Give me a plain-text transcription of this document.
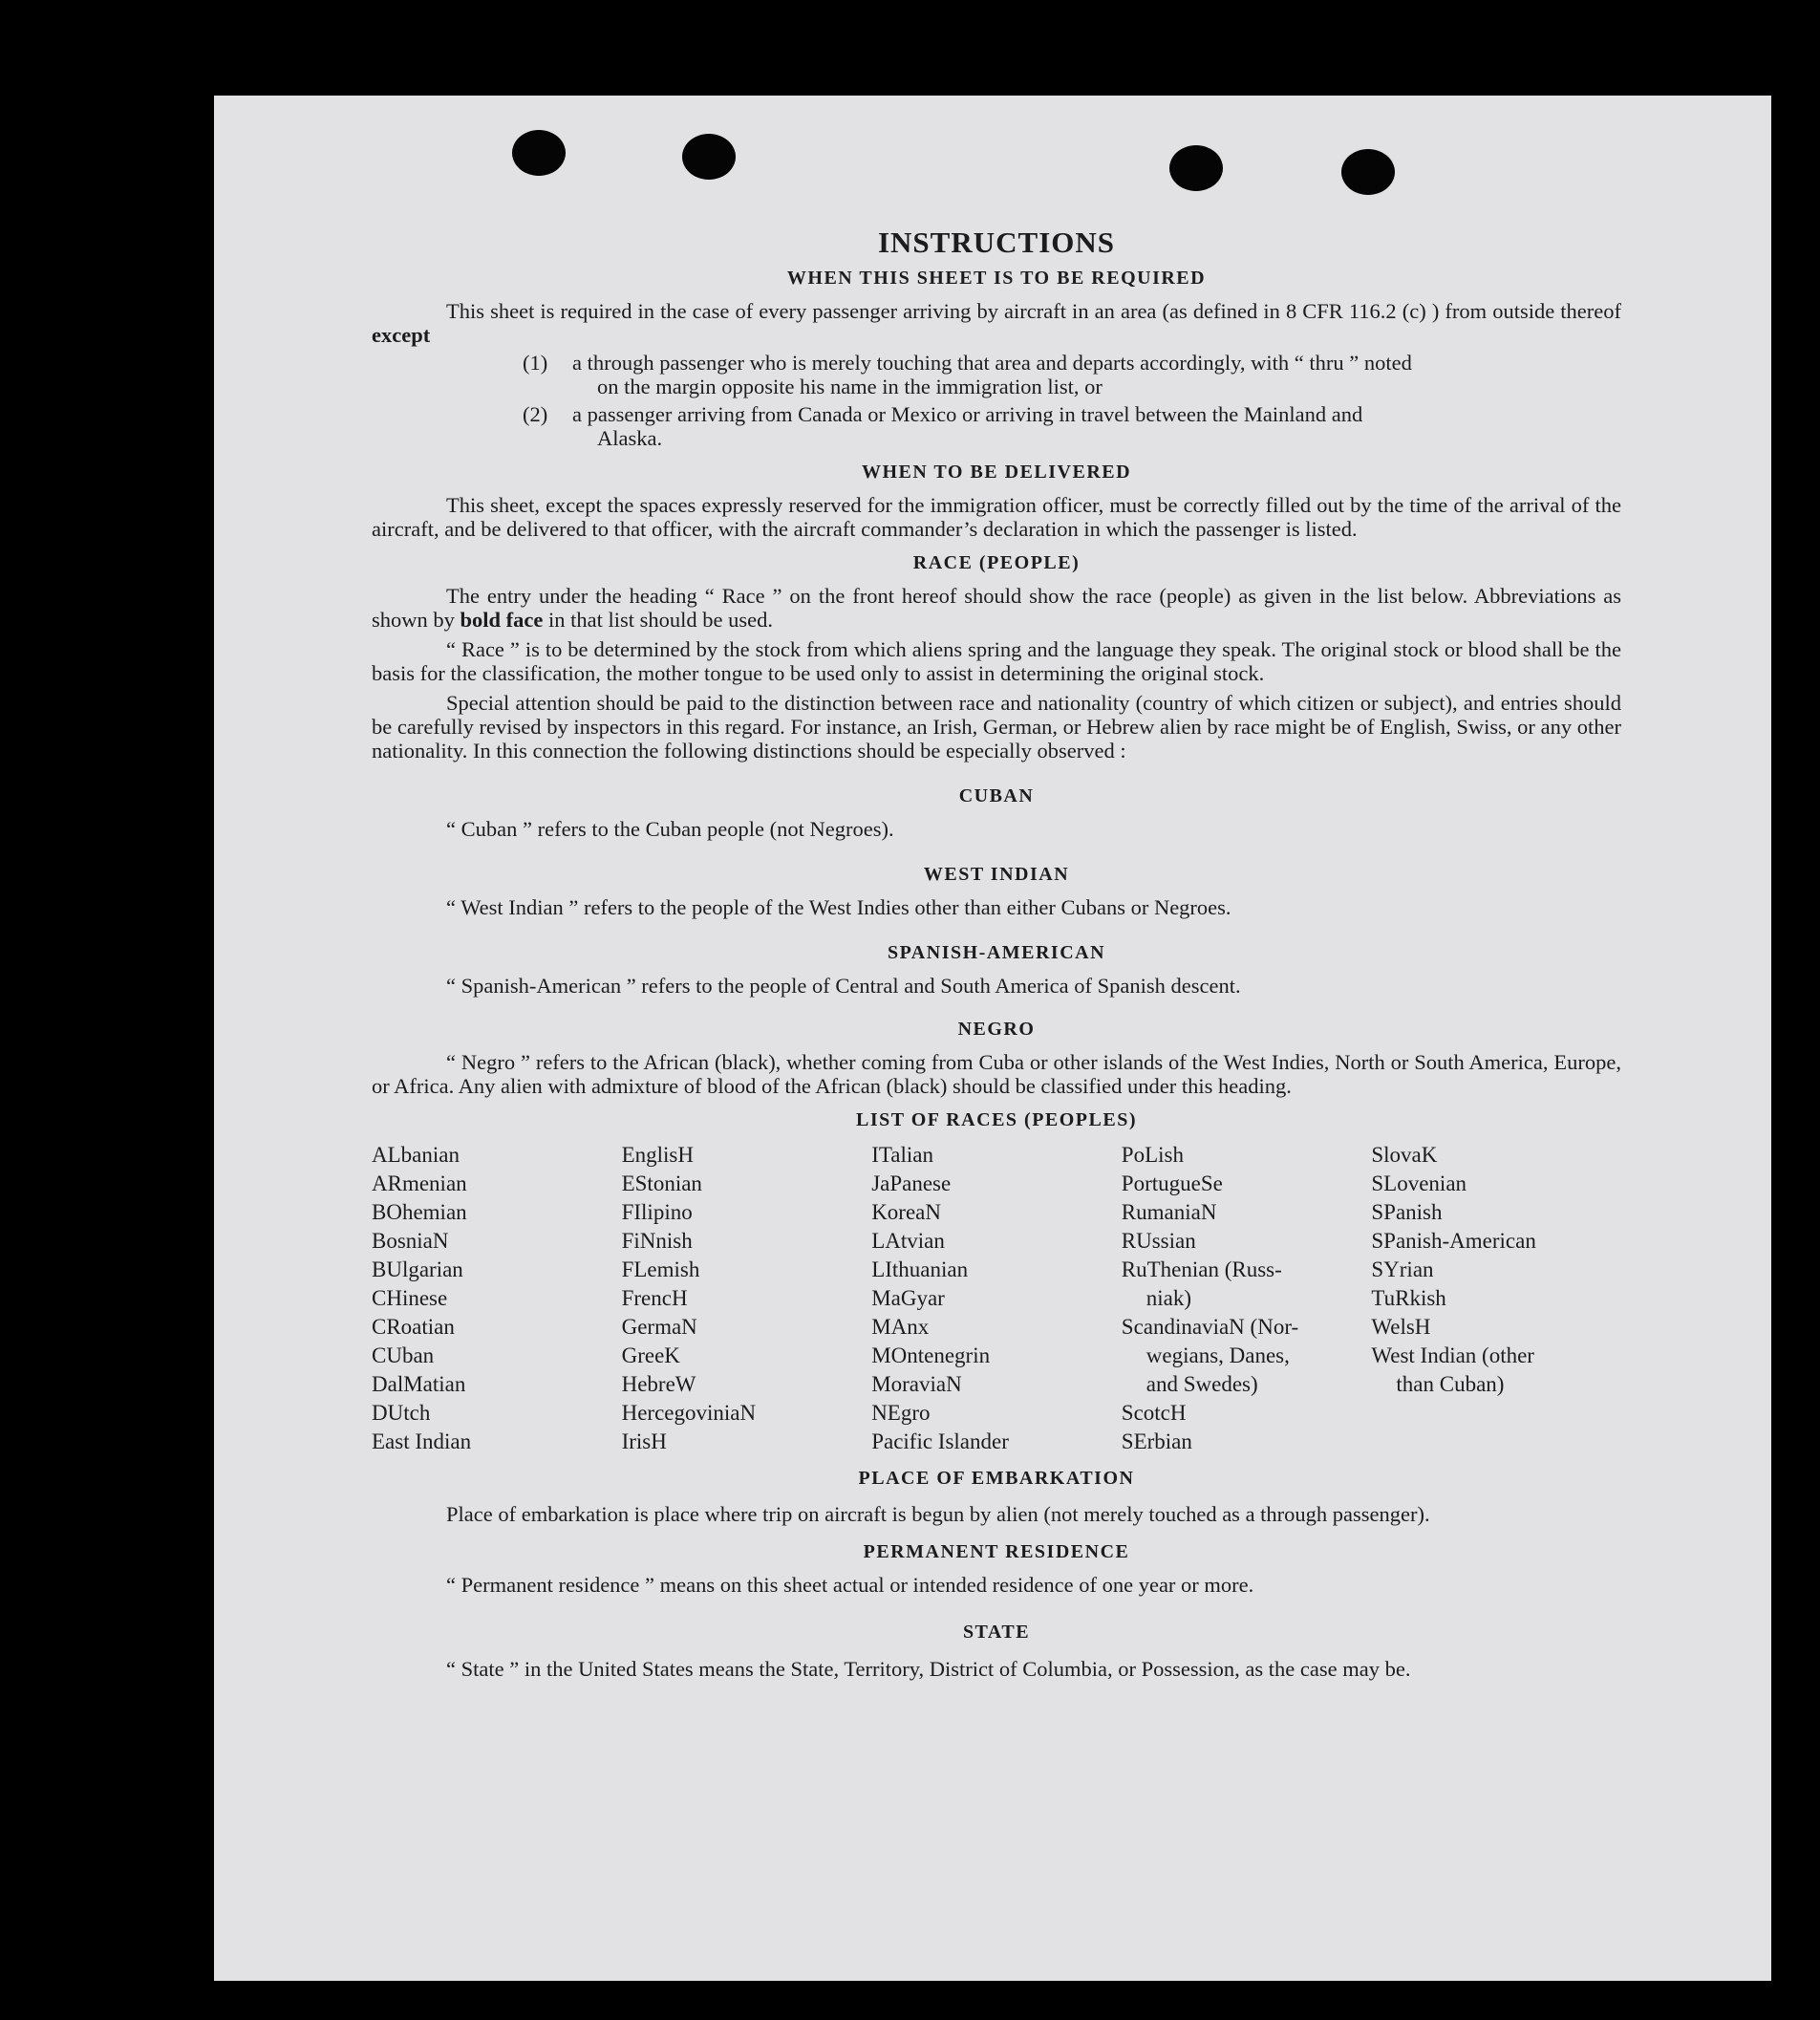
INSTRUCTIONS
WHEN THIS SHEET IS TO BE REQUIRED

This sheet is required in the case of every passenger arriving by aircraft in an area (as defined in 8 CFR 116.2 (c) ) from outside thereof except

(1)	a through passenger who is merely touching that area and departs accordingly, with “ thru ” noted
on the margin opposite his name in the immigration list, or
(2)	a passenger arriving from Canada or Mexico or arriving in travel between the Mainland and
Alaska.
WHEN TO BE DELIVERED

This sheet, except the spaces expressly reserved for the immigration officer, must be correctly filled out by the time of the arrival of the aircraft, and be delivered to that officer, with the aircraft commander’s declaration in which the passenger is listed.

RACE (PEOPLE)

The entry under the heading “ Race ” on the front hereof should show the race (people) as given in the list below. Abbreviations as shown by bold face in that list should be used.

“ Race ” is to be determined by the stock from which aliens spring and the language they speak. The original stock or blood shall be the basis for the classification, the mother tongue to be used only to assist in determining the original stock.

Special attention should be paid to the distinction between race and nationality (country of which citizen or subject), and entries should be carefully revised by inspectors in this regard. For instance, an Irish, German, or Hebrew alien by race might be of English, Swiss, or any other nationality. In this connection the following distinctions should be especially observed :

CUBAN
“ Cuban ” refers to the Cuban people (not Negroes).
WEST INDIAN
“ West Indian ” refers to the people of the West Indies other than either Cubans or Negroes.
SPANISH-AMERICAN
“ Spanish-American ” refers to the people of Central and South America of Spanish descent.
NEGRO

“ Negro ” refers to the African (black), whether coming from Cuba or other islands of the West Indies, North or South America, Europe, or Africa. Any alien with admixture of blood of the African (black) should be classified under this heading.

LIST OF RACES (PEOPLES)
ALbanian
ARmenian
BOhemian
BosniaN
BUlgarian
CHinese
CRoatian
CUban
DalMatian
DUtch
East Indian
EnglisH
EStonian
FIlipino
FiNnish
FLemish
FrencH
GermaN
GreeK
HebreW
HercegoviniaN
IrisH
ITalian
JaPanese
KoreaN
LAtvian
LIthuanian
MaGyar
MAnx
MOntenegrin
MoraviaN
NEgro
Pacific Islander
PoLish
PortugueSe
RumaniaN
RUssian
RuThenian (Russ-
niak)
ScandinaviaN (Nor-
wegians, Danes,
and Swedes)
ScotcH
SErbian
SlovaK
SLovenian
SPanish
SPanish-American
SYrian
TuRkish
WelsH
West Indian (other
than Cuban)
PLACE OF EMBARKATION

Place of embarkation is place where trip on aircraft is begun by alien (not merely touched as a through passenger).

PERMANENT RESIDENCE
“ Permanent residence ” means on this sheet actual or intended residence of one year or more.
STATE

“ State ” in the United States means the State, Territory, District of Columbia, or Possession, as the case may be.
